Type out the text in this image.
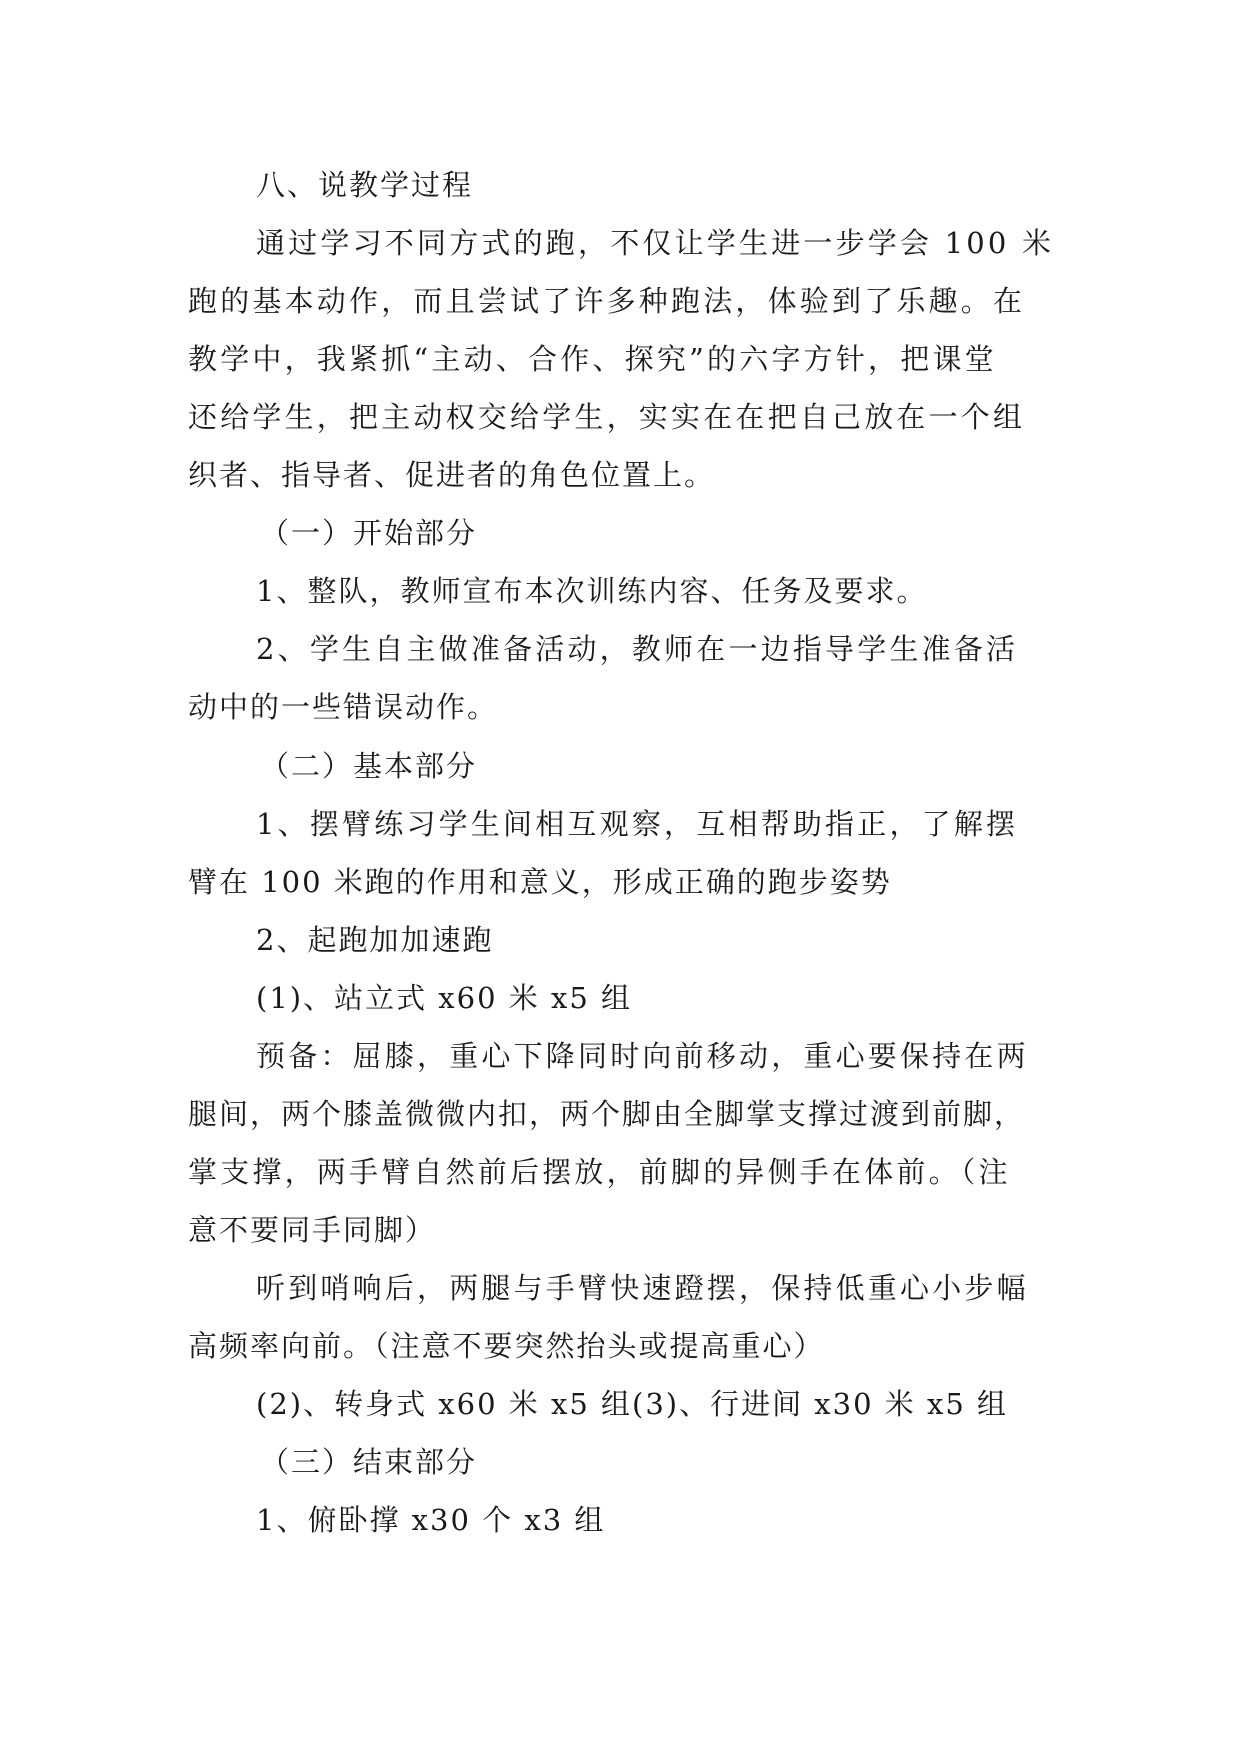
八、说教学过程
通过学习不同方式的跑，不仅让学生进一步学会 100 米
跑的基本动作，而且尝试了许多种跑法，体验到了乐趣。在
教学中，我紧抓“主动、合作、探究”的六字方针，把课堂
还给学生，把主动权交给学生，实实在在把自己放在一个组
织者、指导者、促进者的角色位置上。
（一）开始部分
1、整队，教师宣布本次训练内容、任务及要求。
2、学生自主做准备活动，教师在一边指导学生准备活
动中的一些错误动作。
（二）基本部分
1、摆臂练习学生间相互观察，互相帮助指正，了解摆
臂在 100 米跑的作用和意义，形成正确的跑步姿势
2、起跑加加速跑
(1)、站立式 x60 米 x5 组
预备：屈膝，重心下降同时向前移动，重心要保持在两
腿间，两个膝盖微微内扣，两个脚由全脚掌支撑过渡到前脚，
掌支撑，两手臂自然前后摆放，前脚的异侧手在体前。（注
意不要同手同脚）
听到哨响后，两腿与手臂快速蹬摆，保持低重心小步幅
高频率向前。（注意不要突然抬头或提高重心）
(2)、转身式 x60 米 x5 组(3)、行进间 x30 米 x5 组
（三）结束部分
1、俯卧撑 x30 个 x3 组
